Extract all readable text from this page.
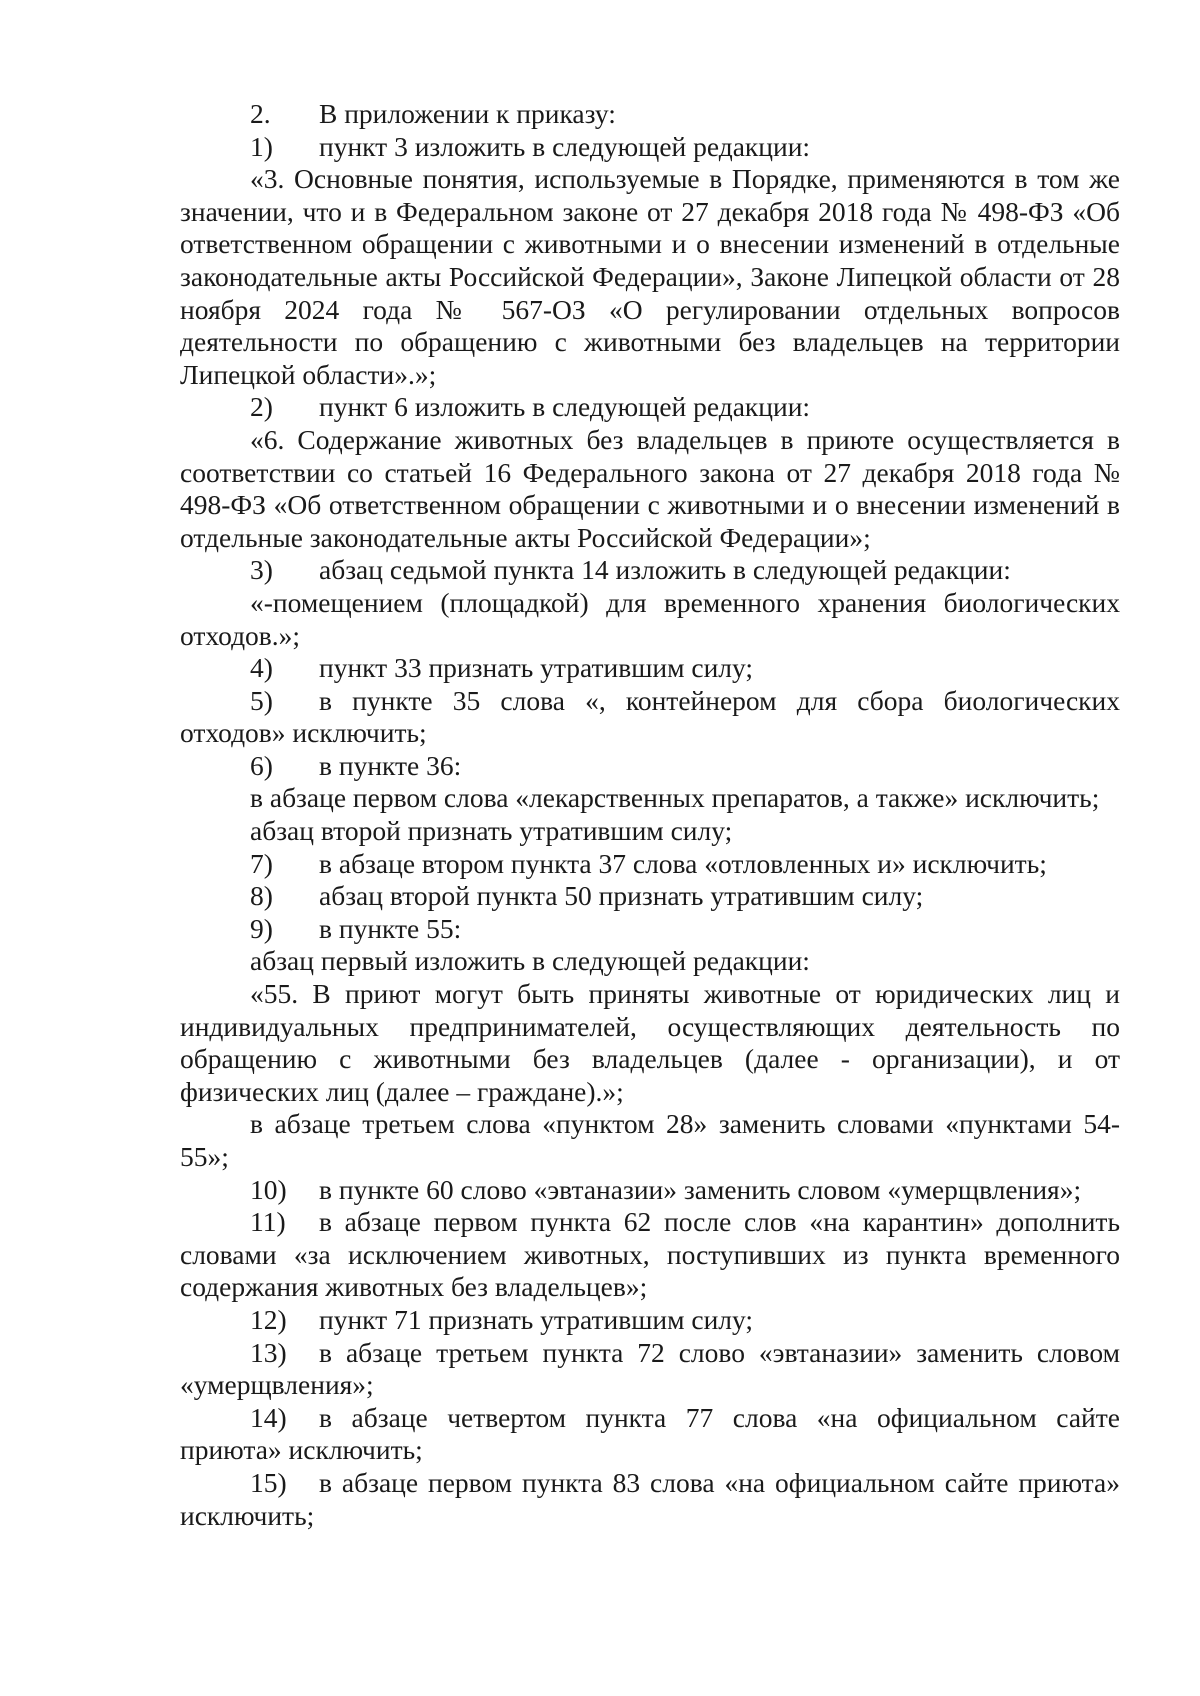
2. В приложении к приказу:

1) пункт 3 изложить в следующей редакции:

«3. Основные понятия, используемые в Порядке, применяются в том же значении, что и в Федеральном законе от 27 декабря 2018 года № 498-ФЗ «Об ответственном обращении с животными и о внесении изменений в отдельные законодательные акты Российской Федерации», Законе Липецкой области от 28 ноября 2024 года № 567-ОЗ «О регулировании отдельных вопросов деятельности по обращению с животными без владельцев на территории Липецкой области».»;

2) пункт 6 изложить в следующей редакции:

«6. Содержание животных без владельцев в приюте осуществляется в соответствии со статьей 16 Федерального закона от 27 декабря 2018 года № 498-ФЗ «Об ответственном обращении с животными и о внесении изменений в отдельные законодательные акты Российской Федерации»;

3) абзац седьмой пункта 14 изложить в следующей редакции:

«-помещением (площадкой) для временного хранения биологических отходов.»;

4) пункт 33 признать утратившим силу;

5) в пункте 35 слова «, контейнером для сбора биологических отходов» исключить;

6) в пункте 36:

в абзаце первом слова «лекарственных препаратов, а также» исключить;

абзац второй признать утратившим силу;

7) в абзаце втором пункта 37 слова «отловленных и» исключить;

8) абзац второй пункта 50 признать утратившим силу;

9) в пункте 55:

абзац первый изложить в следующей редакции:

«55. В приют могут быть приняты животные от юридических лиц и индивидуальных предпринимателей, осуществляющих деятельность по обращению с животными без владельцев (далее - организации), и от физических лиц (далее – граждане).»;

в абзаце третьем слова «пунктом 28» заменить словами «пунктами 54-55»;

10) в пункте 60 слово «эвтаназии» заменить словом «умерщвления»;

11) в абзаце первом пункта 62 после слов «на карантин» дополнить словами «за исключением животных, поступивших из пункта временного содержания животных без владельцев»;

12) пункт 71 признать утратившим силу;

13) в абзаце третьем пункта 72 слово «эвтаназии» заменить словом «умерщвления»;

14) в абзаце четвертом пункта 77 слова «на официальном сайте приюта» исключить;

15) в абзаце первом пункта 83 слова «на официальном сайте приюта» исключить;
